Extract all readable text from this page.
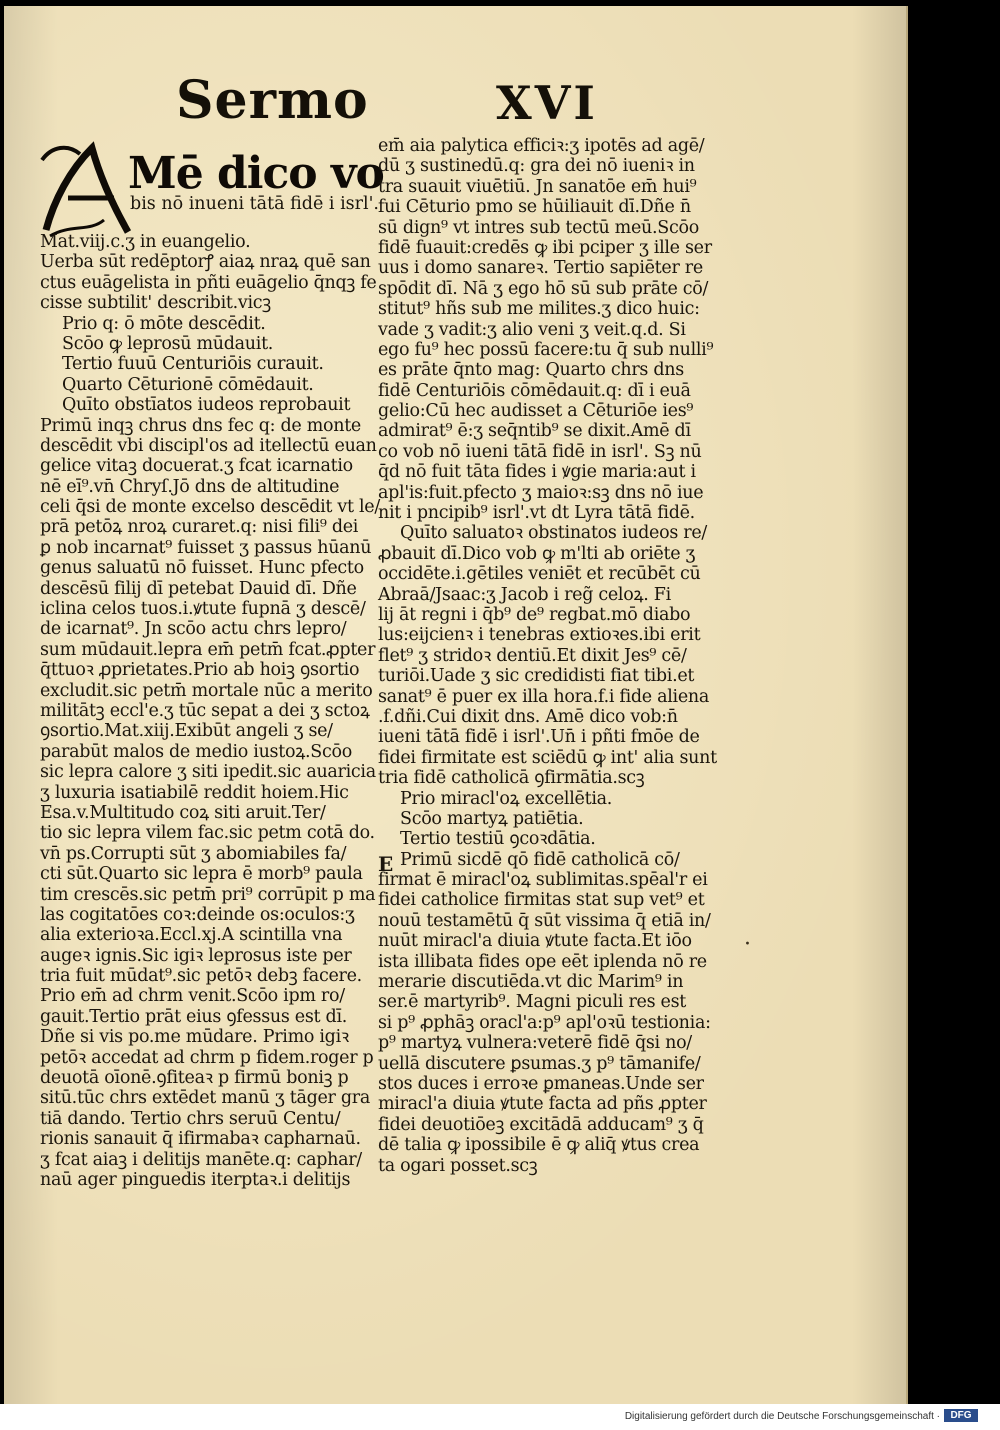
Sermo	XVI
Mē dico vo
bis nō inueni tātā fidē i isrl'.
Mat.viij.c.ʒ in euangelio.
Uerba sūt redēptorꝭ aiaꝝ nraꝝ quē san
ctus euāgelista in pñti euāgelio q̄nqꝫ fe
cisse subtilit' describit.vicꝫ
Prio q: ō mōte descēdit.
Scōo ꝙ leprosū mūdauit.
Tertio fuuū Centuriōis curauit.
Quarto Cēturionē cōmēdauit.
Quīto obstīatos iudeos reprobauit
Primū inqꝫ chrus dns fec q: de monte
descēdit vbi discipl'os ad itellectū euan
gelice vitaꝫ docuerat.ʒ fcat icarnatio
nē eī⁹.vn̄ Chryſ.Jō dns de altitudine
celi q̄si de monte excelso descēdit vt le/
prā petōꝝ nroꝝ curaret.q: nisi fili⁹ dei
ꝑ nob incarnat⁹ fuisset ʒ passus hūanū
genus saluatū nō fuisset. Hunc pfecto
descēsū filij dī petebat Dauid dī. Dñe
iclina celos tuos.i.ꝟtute fupnā ʒ descē/
de icarnat⁹. Jn scōo actu chrs lepro/
sum mūdauit.lepra em̄ petm̄ fcat.ꝓpter
q̄ttuoꝛ ꝓprietates.Prio ab hoiꝫ ꝯsortio
excludit.sic petm̄ mortale nūc a merito
militātꝫ eccl'e.ʒ tūc sepat a dei ʒ sctoꝝ
ꝯsortio.Mat.xiij.Exibūt angeli ʒ se/
parabūt malos de medio iustoꝝ.Scōo
sic lepra calore ʒ siti ipedit.sic auaricia
ʒ luxuria isatiabilē reddit hoiem.Hic
Esa.v.Multitudo coꝝ siti aruit.Ter/
tio sic lepra vilem fac.sic petm cotā do.
vn̄ ps.Corrupti sūt ʒ abomiabiles fa/
cti sūt.Quarto sic lepra ē morb⁹ paula
tim crescēs.sic petm̄ pri⁹ corrūpit p ma
las cogitatōes coꝛ:deinde os:oculos:ʒ
alia exterioꝛa.Eccl.xj.A scintilla vna
augeꝛ ignis.Sic igiꝛ leprosus iste per
tria fuit mūdat⁹.sic petōꝛ debꝫ facere.
Prio em̄ ad chrm venit.Scōo ipm ro/
gauit.Tertio prāt eius ꝯfessus est dī.
Dñe si vis po.me mūdare. Primo igiꝛ
petōꝛ accedat ad chrm p fidem.roger p
deuotā oīonē.ꝯfiteaꝛ p firmū boniꝫ p
sitū.tūc chrs extēdet manū ʒ tāger gra
tiā dando. Tertio chrs seruū Centu/
rionis sanauit q̄ ifirmabaꝛ capharnaū.
ʒ fcat aiaꝫ i delitijs manēte.q: caphar/
naū ager pinguedis iterptaꝛ.i delitijs
em̄ aia palytica efficiꝛ:ʒ ipotēs ad agē/
dū ʒ sustinedū.q: gra dei nō iueniꝛ in
tra suauit viuētiū. Jn sanatōe em̄ hui⁹
fui Cēturio pmo se hūiliauit dī.Dñe n̄
sū dign⁹ vt intres sub tectū meū.Scōo
fidē fuauit:credēs ꝙ ibi pciper ʒ ille ser
uus i domo sanareꝛ. Tertio sapiēter re
spōdit dī. Nā ʒ ego hō sū sub prāte cō/
stitut⁹ hñs sub me milites.ʒ dico huic:
vade ʒ vadit:ʒ alio veni ʒ veit.q.d. Si
ego fu⁹ hec possū facere:tu q̄ sub nulli⁹
es prāte q̄nto mag: Quarto chrs dns
fidē Centuriōis cōmēdauit.q: dī i euā
gelio:Cū hec audisset a Cēturiōe ies⁹
admirat⁹ ē:ʒ seq̄ntib⁹ se dixit.Amē dī
co vob nō iueni tātā fidē in isrl'. Sꝫ nū
q̄d nō fuit tāta fides i ꝟgie maria:aut i
apl'is:fuit.pfecto ʒ maioꝛ:sꝫ dns nō iue
nit i pncipib⁹ isrl'.vt dt Lyra tātā fidē.
Quīto saluatoꝛ obstinatos iudeos re/
ꝓbauit dī.Dico vob ꝙ m'lti ab oriēte ʒ
occidēte.i.gētiles veniēt et recūbēt cū
Abraā/Jsaac:ʒ Jacob i reg̃ celoꝝ. Fi
lij āt regni i q̄b⁹ de⁹ regbat.mō diabo
lus:eijcienꝛ i tenebras extioꝛes.ibi erit
flet⁹ ʒ stridoꝛ dentiū.Et dixit Jes⁹ cē/
turiōi.Uade ʒ sic credidisti fiat tibi.et
sanat⁹ ē puer ex illa hora.f.i fide aliena
.f.dñi.Cui dixit dns. Amē dico vob:n̄
iueni tātā fidē i isrl'.Un̄ i pñti fmōe de
fidei firmitate est sciēdū ꝙ int' alia sunt
tria fidē catholicā ꝯfirmātia.scꝫ
Prio miracl'oꝝ excellētia.
Scōo martyꝝ patiētia.
Tertio testiū ꝯcoꝛdātia.
Primū sicdē qō fidē catholicā cō/
firmat ē miracl'oꝝ sublimitas.spēal'r ei
fidei catholice firmitas stat sup vet⁹ et
nouū testamētū q̄ sūt vissima q̄ etiā in/
nuūt miracl'a diuia ꝟtute facta.Et iōo
ista illibata fides ope eēt iplenda nō re
merarie discutiēda.vt dic Marim⁹ in
ser.ē martyrib⁹. Magni piculi res est
si p⁹ ꝓphāꝫ oracl'a:p⁹ apl'oꝛū testionia:
p⁹ martyꝝ vulnera:veterē fidē q̄si no/
uellā discutere ꝑsumas.ʒ p⁹ tāmanife/
stos duces i erroꝛe ꝑmaneas.Unde ser
miracl'a diuia ꝟtute facta ad pñs ꝓpter
fidei deuotiōeꝫ excitādā adducam⁹ ʒ q̄
dē talia ꝙ ipossibile ē ꝙ aliq̄ ꝟtus crea
ta ogari posset.scꝫ
E
·
Digitalisierung gefördert durch die Deutsche Forschungsgemeinschaft ·	DFG
